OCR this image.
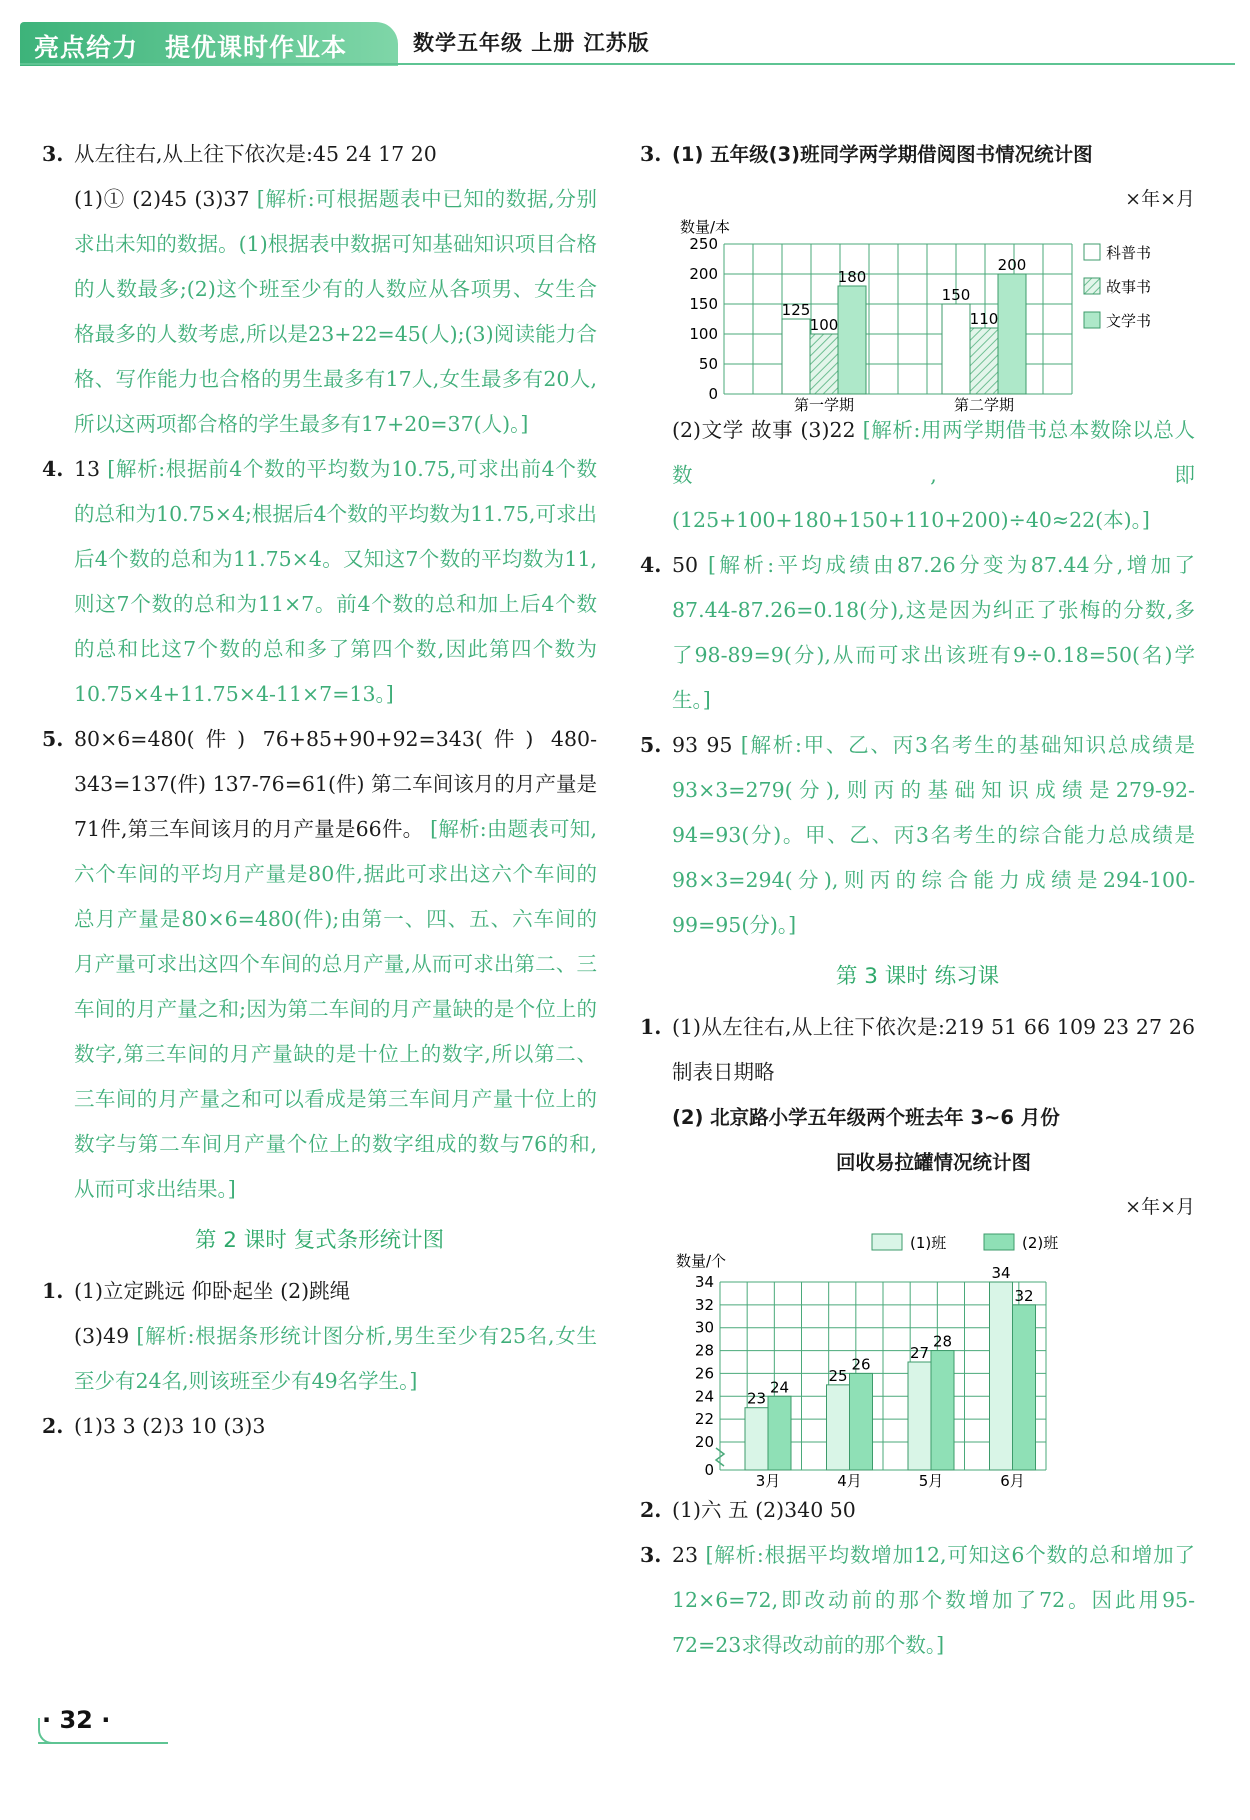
亮点给力 提优课时作业本	数学五年级 上册 江苏版

3. 从左往右,从上往下依次是:45 24 17 20

(1)① (2)45 (3)37 [解析:可根据题表中已知的数据,分别求出未知的数据。(1)根据表中数据可知基础知识项目合格的人数最多;(2)这个班至少有的人数应从各项男、女生合格最多的人数考虑,所以是23+22=45(人);(3)阅读能力合格、写作能力也合格的男生最多有17人,女生最多有20人,所以这两项都合格的学生最多有17+20=37(人)。]

4. 13 [解析:根据前4个数的平均数为10.75,可求出前4个数的总和为10.75×4;根据后4个数的平均数为11.75,可求出后4个数的总和为11.75×4。又知这7个数的平均数为11,则这7个数的总和为11×7。前4个数的总和加上后4个数的总和比这7个数的总和多了第四个数,因此第四个数为10.75×4+11.75×4-11×7=13。]

5. 80×6=480(件) 76+85+90+92=343(件) 480-343=137(件) 137-76=61(件) 第二车间该月的月产量是71件,第三车间该月的月产量是66件。 [解析:由题表可知,六个车间的平均月产量是80件,据此可求出这六个车间的总月产量是80×6=480(件);由第一、四、五、六车间的月产量可求出这四个车间的总月产量,从而可求出第二、三车间的月产量之和;因为第二车间的月产量缺的是个位上的数字,第三车间的月产量缺的是十位上的数字,所以第二、三车间的月产量之和可以看成是第三车间月产量十位上的数字与第二车间月产量个位上的数字组成的数与76的和,从而可求出结果。]

第 2 课时 复式条形统计图

1. (1)立定跳远 仰卧起坐 (2)跳绳

(3)49 [解析:根据条形统计图分析,男生至少有25名,女生至少有24名,则该班至少有49名学生。]

2. (1)3 3 (2)3 10 (3)3

3. (1) 五年级(3)班同学两学期借阅图书情况统计图

×年×月

数量/本
0
50
100
150
200
250
125
100
180
第一学期
150
110
200
第二学期
科普书
故事书
文学书

(2)文学 故事 (3)22 [解析:用两学期借书总本数除以总人数,即(125+100+180+150+110+200)÷40≈22(本)。]

4. 50 [解析:平均成绩由87.26分变为87.44分,增加了87.44-87.26=0.18(分),这是因为纠正了张梅的分数,多了98-89=9(分),从而可求出该班有9÷0.18=50(名)学生。]

5. 93 95 [解析:甲、乙、丙3名考生的基础知识总成绩是93×3=279(分),则丙的基础知识成绩是279-92-94=93(分)。甲、乙、丙3名考生的综合能力总成绩是98×3=294(分),则丙的综合能力成绩是294-100-99=95(分)。]

第 3 课时 练习课

1. (1)从左往右,从上往下依次是:219 51 66 109 23 27 26 制表日期略

(2) 北京路小学五年级两个班去年 3~6 月份

回收易拉罐情况统计图

×年×月

数量/个
0
20
22
24
26
28
30
32
34
23
24
3月
25
26
4月
27
28
5月
34
32
6月
(1)班	(2)班

2. (1)六 五 (2)340 50

3. 23 [解析:根据平均数增加12,可知这6个数的总和增加了12×6=72,即改动前的那个数增加了72。因此用95-72=23求得改动前的那个数。]

· 32 ·
